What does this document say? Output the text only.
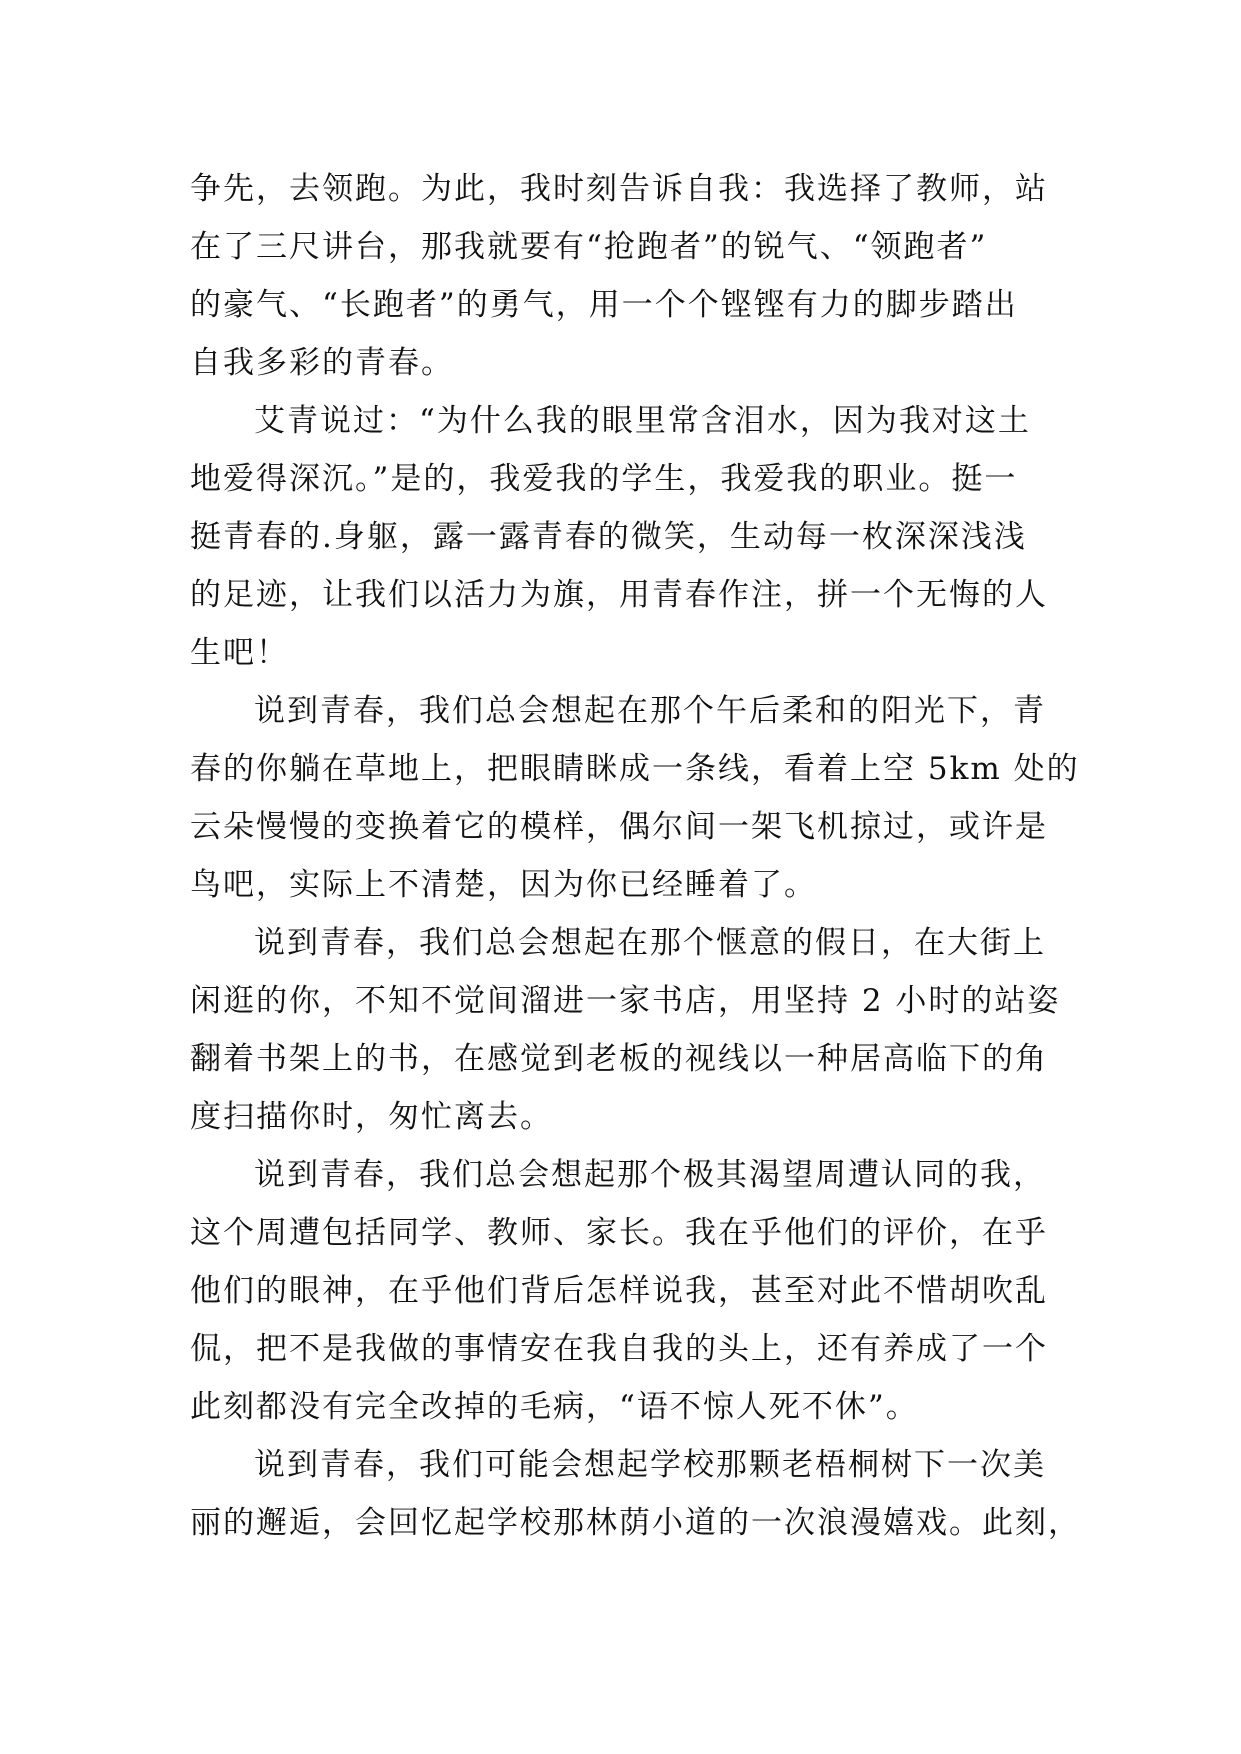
争先，去领跑。为此，我时刻告诉自我：我选择了教师，站
在了三尺讲台，那我就要有“抢跑者”的锐气、“领跑者”
的豪气、“长跑者”的勇气，用一个个铿铿有力的脚步踏出
自我多彩的青春。
艾青说过：“为什么我的眼里常含泪水，因为我对这土
地爱得深沉。”是的，我爱我的学生，我爱我的职业。挺一
挺青春的.身躯，露一露青春的微笑，生动每一枚深深浅浅
的足迹，让我们以活力为旗，用青春作注，拼一个无悔的人
生吧！
说到青春，我们总会想起在那个午后柔和的阳光下，青
春的你躺在草地上，把眼睛眯成一条线，看着上空 5km 处的
云朵慢慢的变换着它的模样，偶尔间一架飞机掠过，或许是
鸟吧，实际上不清楚，因为你已经睡着了。
说到青春，我们总会想起在那个惬意的假日，在大街上
闲逛的你，不知不觉间溜进一家书店，用坚持 2 小时的站姿
翻着书架上的书，在感觉到老板的视线以一种居高临下的角
度扫描你时，匆忙离去。
说到青春，我们总会想起那个极其渴望周遭认同的我，
这个周遭包括同学、教师、家长。我在乎他们的评价，在乎
他们的眼神，在乎他们背后怎样说我，甚至对此不惜胡吹乱
侃，把不是我做的事情安在我自我的头上，还有养成了一个
此刻都没有完全改掉的毛病，“语不惊人死不休”。
说到青春，我们可能会想起学校那颗老梧桐树下一次美
丽的邂逅，会回忆起学校那林荫小道的一次浪漫嬉戏。此刻，
